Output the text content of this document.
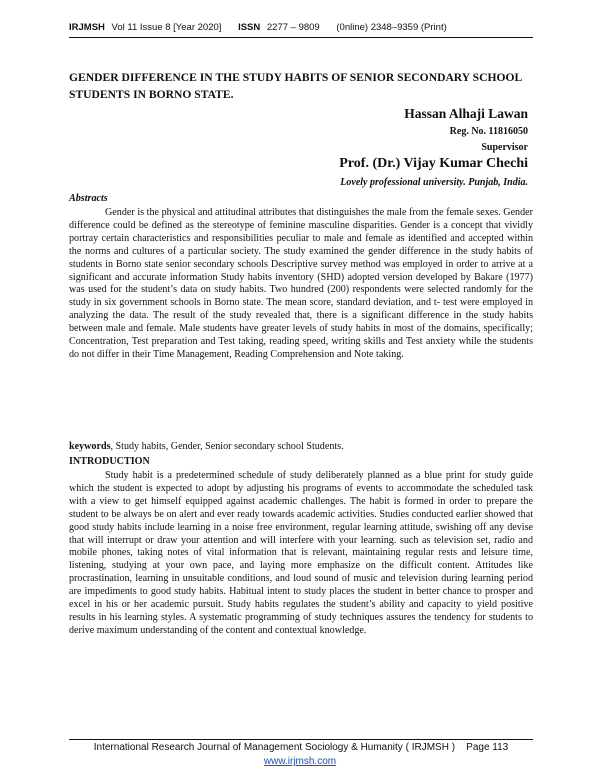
IRJMSH Vol 11 Issue 8 [Year 2020] ISSN 2277 – 9809 (0nline) 2348–9359 (Print)
GENDER DIFFERENCE IN THE STUDY HABITS OF SENIOR SECONDARY SCHOOL STUDENTS IN BORNO STATE.
Hassan Alhaji Lawan
Reg. No. 11816050
Supervisor
Prof. (Dr.) Vijay Kumar Chechi
Lovely professional university. Punjab, India.
Abstracts

Gender is the physical and attitudinal attributes that distinguishes the male from the female sexes. Gender difference could be defined as the stereotype of feminine masculine disparities. Gender is a concept that vividly portray certain characteristics and responsibilities peculiar to male and female as identified and accepted within the norms and cultures of a particular society. The study examined the gender difference in the study habits of students in Borno state senior secondary schools Descriptive survey method was employed in order to arrive at a significant and accurate information Study habits inventory (SHD) adopted version developed by Bakare (1977) was used for the student’s data on study habits. Two hundred (200) respondents were selected randomly for the study in six government schools in Borno state. The mean score, standard deviation, and t- test were employed in analyzing the data. The result of the study revealed that, there is a significant difference in the study habits between male and female. Male students have greater levels of study habits in most of the domains, specifically; Concentration, Test preparation and Test taking, reading speed, writing skills and Test anxiety while the students do not differ in their Time Management, Reading Comprehension and Note taking.

keywords, Study habits, Gender, Senior secondary school Students.
INTRODUCTION

Study habit is a predetermined schedule of study deliberately planned as a blue print for study guide which the student is expected to adopt by adjusting his programs of events to accommodate the scheduled task with a view to get himself equipped against academic challenges. The habit is formed in order to prepare the student to be always be on alert and ever ready towards academic activities. Studies conducted earlier showed that good study habits include learning in a noise free environment, regular learning attitude, swishing off any devise that will interrupt or draw your attention and will interfere with your learning. such as television set, radio and mobile phones, taking notes of vital information that is relevant, maintaining regular rests and leisure time, listening, studying at your own pace, and laying more emphasize on the difficult content. Attitudes like procrastination, learning in unsuitable conditions, and loud sound of music and television during learning period are impediments to good study habits. Habitual intent to study places the student in better chance to prosper and excel in his or her academic pursuit. Study habits regulates the student’s ability and capacity to yield positive results in his learning styles. A systematic programming of study techniques assures the tendency for students to derive maximum understanding of the content and contextual knowledge.

International Research Journal of Management Sociology & Humanity ( IRJMSH ) Page 113
www.irjmsh.com
